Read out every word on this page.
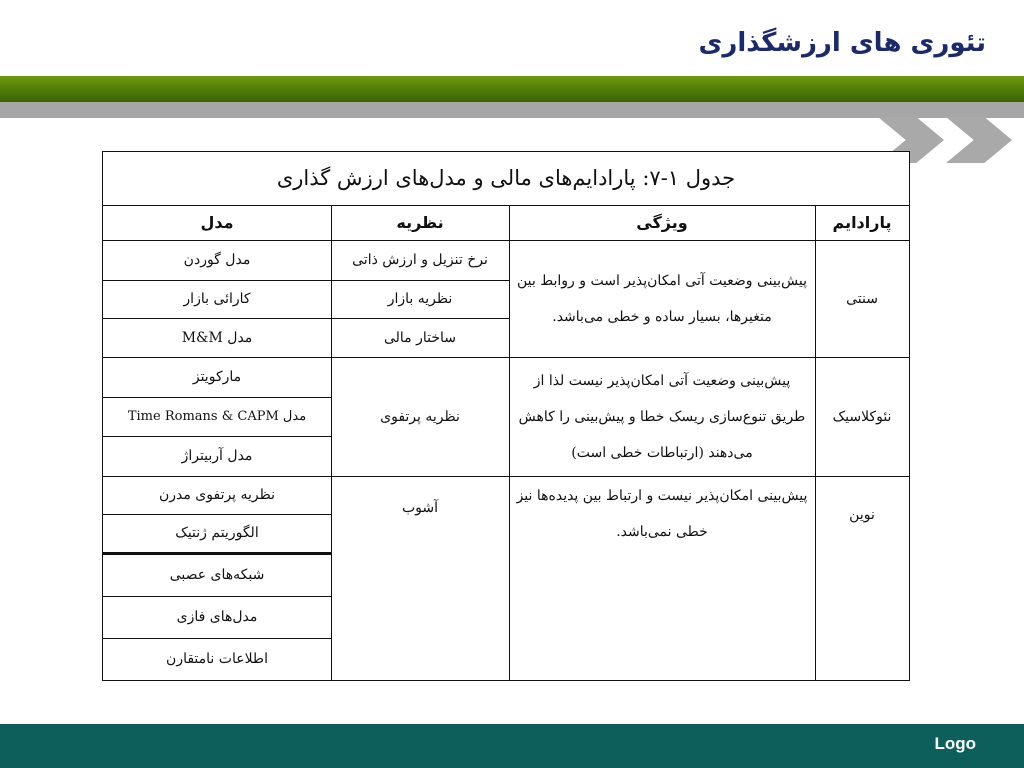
تئوری های ارزشگذاری
جدول ۱-۷: پارادایم‌های مالی و مدل‌های ارزش گذاری
پارادایم
ویژگی
نظریه
مدل
سنتی
پیش‌بینی وضعیت آتی امکان‌پذیر است و روابط بین متغیرها، بسیار ساده و خطی می‌باشد.
نرخ تنزیل و ارزش ذاتی
نظریه بازار
ساختار مالی
مدل گوردن
کارائی بازار
مدل M&M
نئوکلاسیک
پیش‌بینی وضعیت آتی امکان‌پذیر نیست لذا از طریق تنوع‌سازی ریسک خطا و پیش‌بینی را کاهش می‌دهند (ارتباطات خطی است)
نظریه پرتفوی
مارکویتز
مدل Time Romans & CAPM
مدل آربیتراژ
نوین
پیش‌بینی امکان‌پذیر نیست و ارتباط بین پدیده‌ها نیز خطی نمی‌باشد.
آشوب
نظریه پرتفوی مدرن
الگوریتم ژنتیک
شبکه‌های عصبی
مدل‌های فازی
اطلاعات نامتقارن
Logo
